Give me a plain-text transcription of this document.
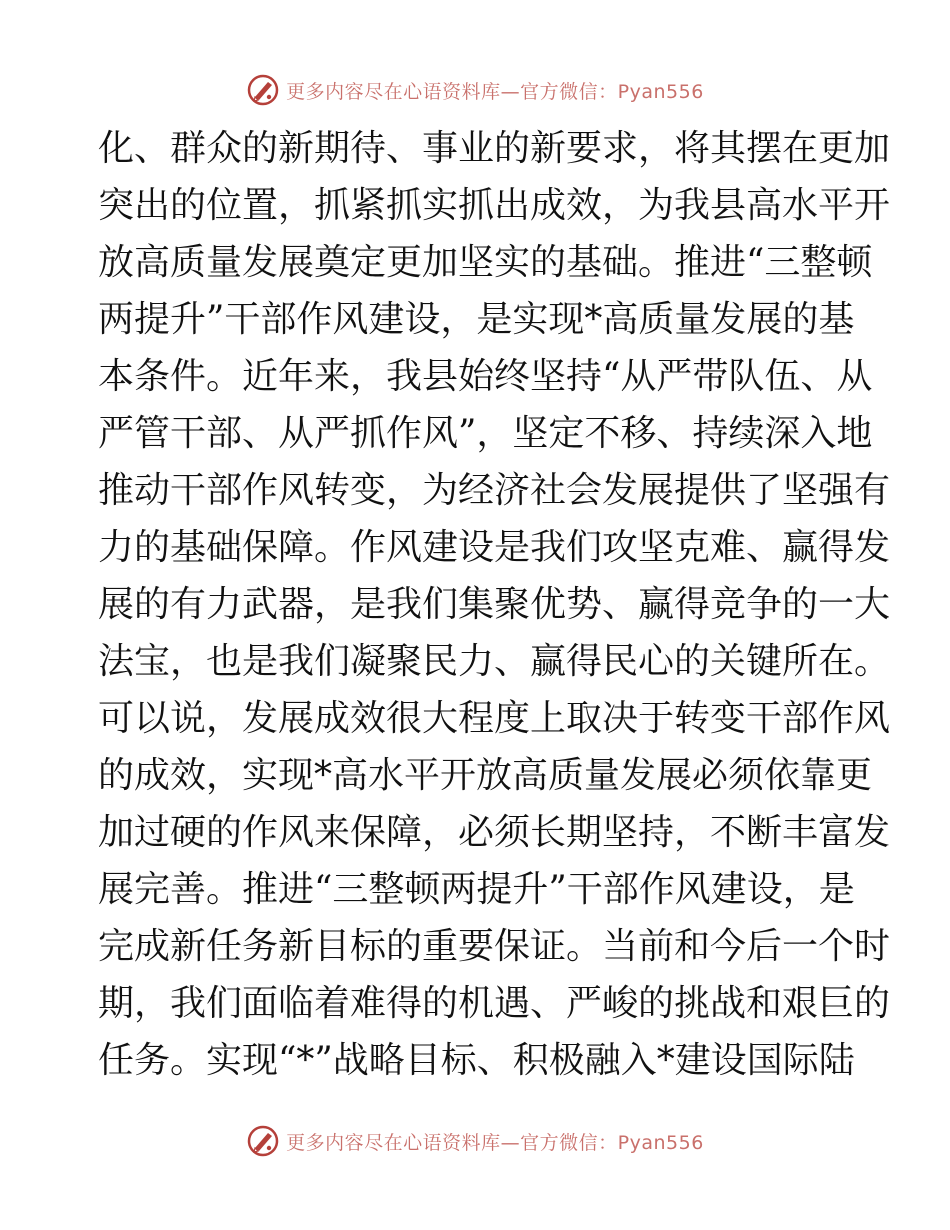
更多内容尽在心语资料库—官方微信：Pyan556
化、群众的新期待、事业的新要求，将其摆在更加
突出的位置，抓紧抓实抓出成效，为我县高水平开
放高质量发展奠定更加坚实的基础。推进“三整顿
两提升”干部作风建设，是实现*高质量发展的基
本条件。近年来，我县始终坚持“从严带队伍、从
严管干部、从严抓作风”，坚定不移、持续深入地
推动干部作风转变，为经济社会发展提供了坚强有
力的基础保障。作风建设是我们攻坚克难、赢得发
展的有力武器，是我们集聚优势、赢得竞争的一大
法宝，也是我们凝聚民力、赢得民心的关键所在。
可以说，发展成效很大程度上取决于转变干部作风
的成效，实现*高水平开放高质量发展必须依靠更
加过硬的作风来保障，必须长期坚持，不断丰富发
展完善。推进“三整顿两提升”干部作风建设，是
完成新任务新目标的重要保证。当前和今后一个时
期，我们面临着难得的机遇、严峻的挑战和艰巨的
任务。实现“*”战略目标、积极融入*建设国际陆
更多内容尽在心语资料库—官方微信：Pyan556
